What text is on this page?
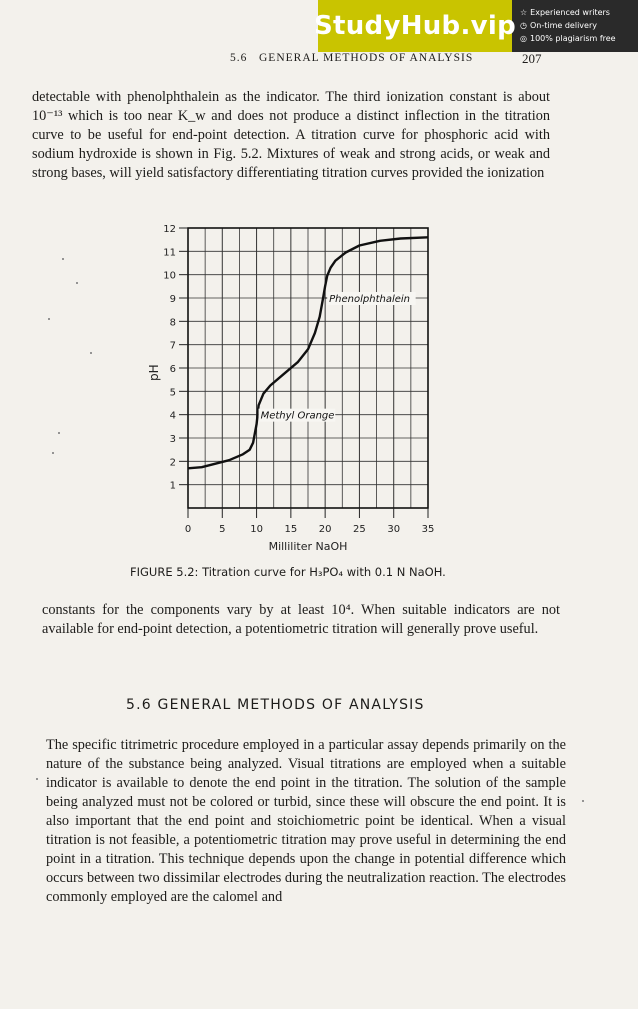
StudyHub.vip ☆ Experienced writers
◷ On-time delivery
◎ 100% plagiarism free
5.6 GENERAL METHODS OF ANALYSIS	207

detectable with phenolphthalein as the indicator. The third ionization constant is about 10⁻¹³ which is too near K_w and does not produce a distinct inflection in the titration curve to be useful for end-point detection. A titration curve for phosphoric acid with sodium hydroxide is shown in Fig. 5.2. Mixtures of weak and strong acids, or weak and strong bases, will yield satisfactory differentiating titration curves provided the ionization

1
2
3
4
5
6
7
8
9
10
11
12
0	5 10 15 20 25 30 35
Milliliter NaOH
pH
Phenolphthalein
Methyl Orange
FIGURE 5.2: Titration curve for H₃PO₄ with 0.1 N NaOH.

constants for the components vary by at least 10⁴. When suitable indicators are not available for end-point detection, a potentiometric titration will generally prove useful.

5.6 GENERAL METHODS OF ANALYSIS

The specific titrimetric procedure employed in a particular assay depends primarily on the nature of the substance being analyzed. Visual titrations are employed when a suitable indicator is available to denote the end point in the titration. The solution of the sample being analyzed must not be colored or turbid, since these will obscure the end point. It is also important that the end point and stoichiometric point be identical. When a visual titration is not feasible, a potentiometric titration may prove useful in determining the end point in a titration. This technique depends upon the change in potential difference which occurs between two dissimilar electrodes during the neutralization reaction. The electrodes commonly employed are the calomel and
